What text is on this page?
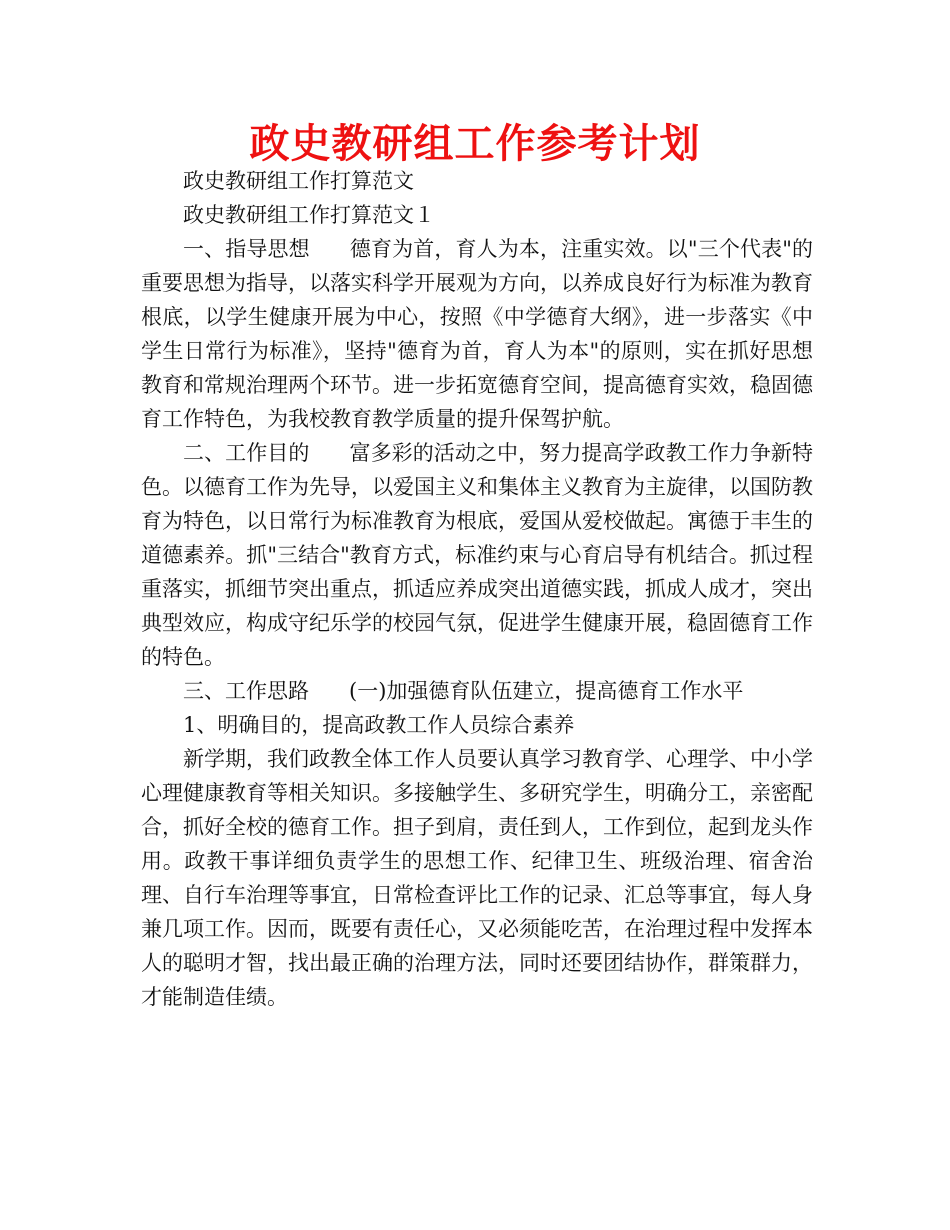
政史教研组工作参考计划

政史教研组工作打算范文

政史教研组工作打算范文１

一、指导思想 德育为首，育人为本，注重实效。以"三个代表"的重要思想为指导，以落实科学开展观为方向，以养成良好行为标准为教育根底，以学生健康开展为中心，按照《中学德育大纲》，进一步落实《中学生日常行为标准》，坚持"德育为首，育人为本"的原则，实在抓好思想教育和常规治理两个环节。进一步拓宽德育空间，提高德育实效，稳固德育工作特色，为我校教育教学质量的提升保驾护航。

二、工作目的 富多彩的活动之中，努力提高学政教工作力争新特色。以德育工作为先导，以爱国主义和集体主义教育为主旋律，以国防教育为特色，以日常行为标准教育为根底，爱国从爱校做起。寓德于丰生的道德素养。抓"三结合"教育方式，标准约束与心育启导有机结合。抓过程重落实，抓细节突出重点，抓适应养成突出道德实践，抓成人成才，突出典型效应，构成守纪乐学的校园气氛，促进学生健康开展，稳固德育工作的特色。

三、工作思路 (一)加强德育队伍建立，提高德育工作水平

1、明确目的，提高政教工作人员综合素养

新学期，我们政教全体工作人员要认真学习教育学、心理学、中小学心理健康教育等相关知识。多接触学生、多研究学生，明确分工，亲密配合，抓好全校的德育工作。担子到肩，责任到人，工作到位，起到龙头作用。政教干事详细负责学生的思想工作、纪律卫生、班级治理、宿舍治理、自行车治理等事宜，日常检查评比工作的记录、汇总等事宜，每人身兼几项工作。因而，既要有责任心，又必须能吃苦，在治理过程中发挥本人的聪明才智，找出最正确的治理方法，同时还要团结协作，群策群力，才能制造佳绩。
